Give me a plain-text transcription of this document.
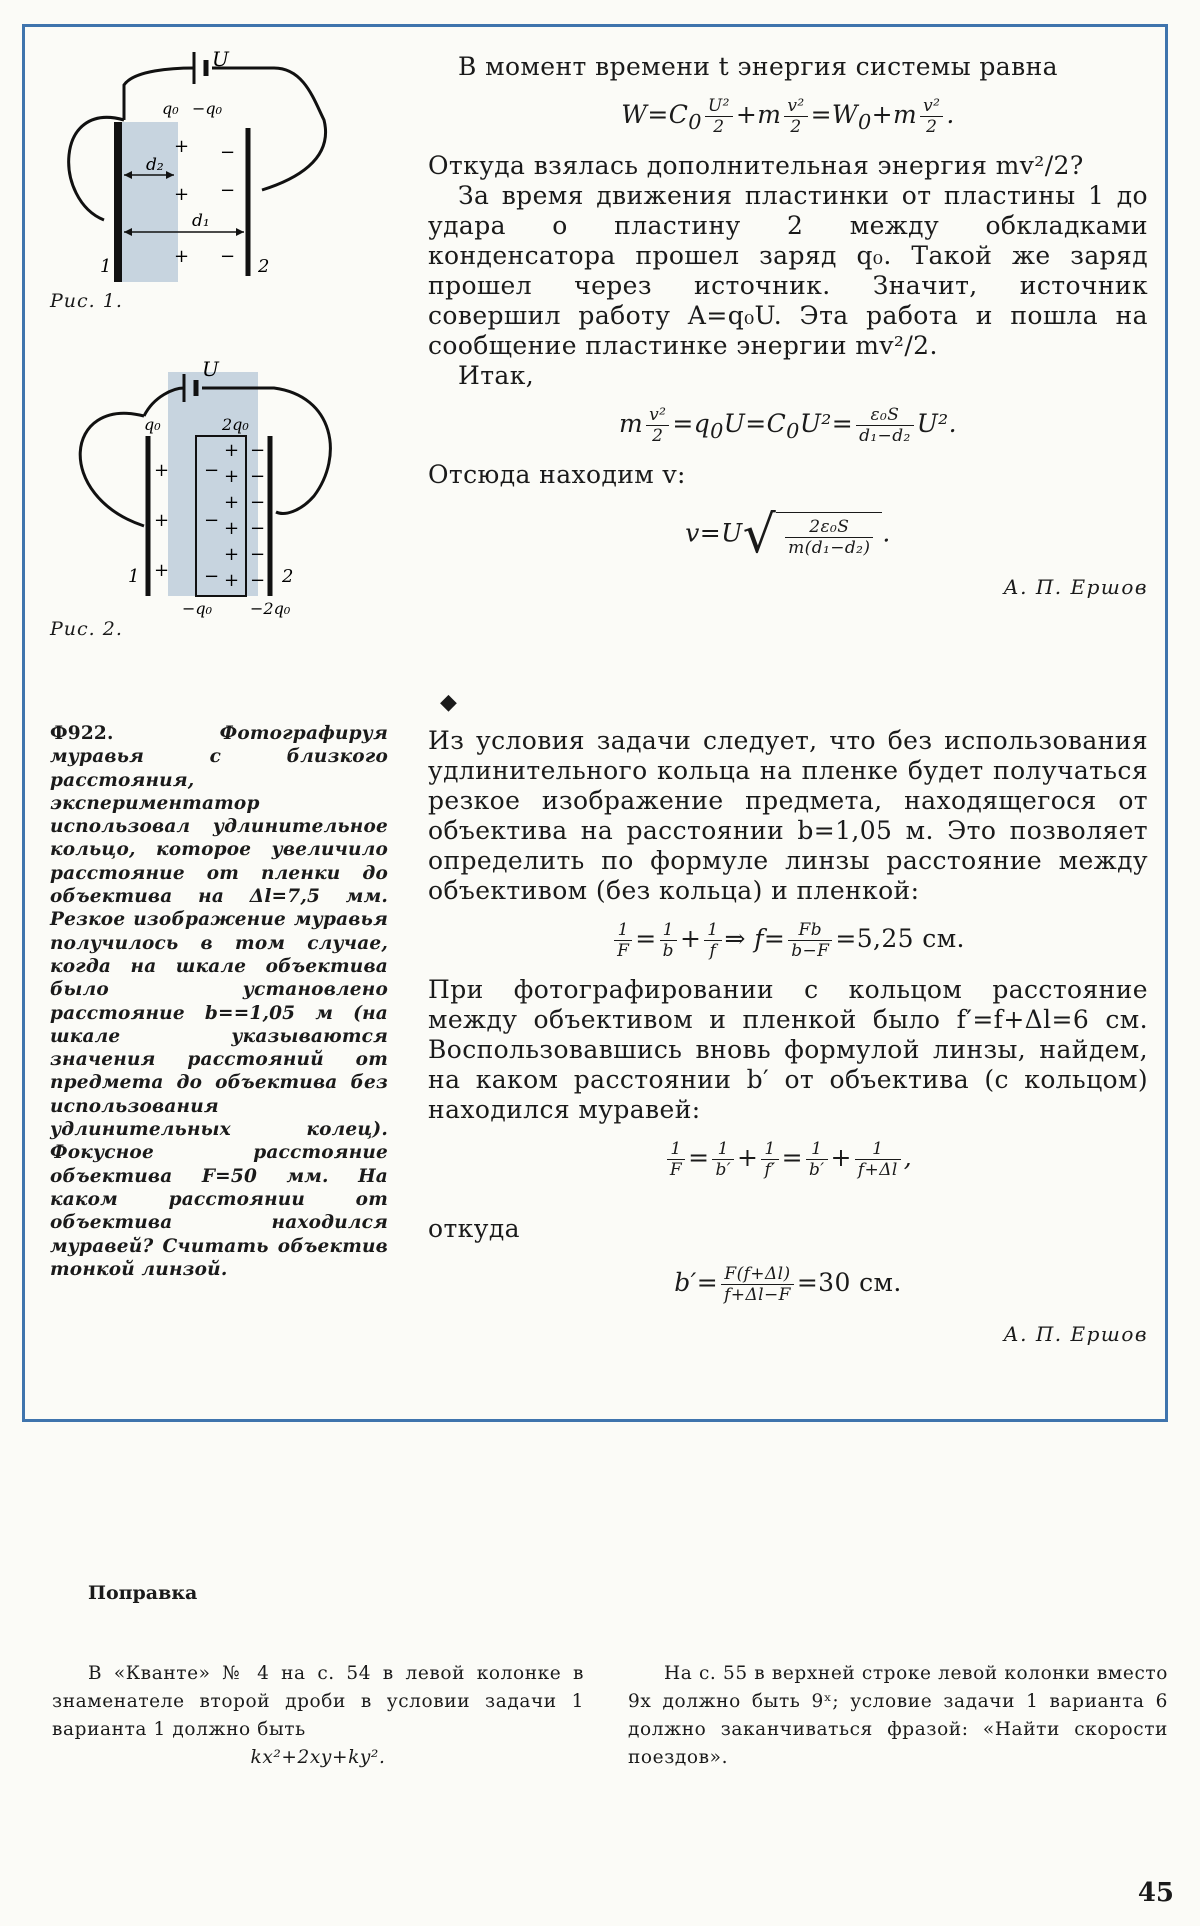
+
+
+
−
−
−
U
q₀ −q₀
d₂
d₁
1	2
Рис. 1.
+
+
+
−
−
−
+
+
+
+
+
+
−
−
−
−
−
−
U
q₀	2q₀
1	2
−q₀ −2q₀
Рис. 2.

В момент времени t энергия системы равна

$W=C_0 \frac{\text{U²}}{2} +m \frac{\text{v²}}{2} =W_0+m \frac{\text{v²}}{2}$ .

Откуда взялась дополнительная энергия mv²/2?

За время движения пластинки от пластины 1 до удара о пластину 2 между обкладками конденсатора прошел заряд q₀. Такой же заряд прошел через источник. Значит, источник совершил работу A=q₀U. Эта работа и пошла на сообщение пластинке энергии mv²/2.

Итак,

m $\frac{\text{v²}}{2} =q_0U=C_0U^2= \frac{\text{ε₀S}}{\text{d₁−d₂}} U^2$.

Отсюда находим v:

$v=U√ \frac{\text{2ε₀S}}{\text{m(d₁−d₂)}}$ .
А. П. Ершов
◆
Ф922.	Фотографируя муравья с близкого расстояния, экспериментатор использовал удлинительное кольцо, которое увеличило расстояние от пленки до объектива на Δl=7,5 мм. Резкое изображение муравья получилось в том случае, когда на шкале объектива было установлено расстояние b==1,05 м (на шкале указываются значения расстояний от предмета до объектива без использования удлинительных колец). Фокусное расстояние объектива F=50 мм. На каком расстоянии от объектива находился муравей? Считать объектив тонкой линзой.

Из условия задачи следует, что без использования удлинительного кольца на пленке будет получаться резкое изображение предмета, находящегося от объектива на расстоянии b=1,05 м. Это позволяет определить по формуле линзы расстояние между объективом (без кольца) и пленкой:

$\frac{1}{F} = \frac{1}{b} + \frac{1}{f}$ ⇒ $f= \frac{Fb}{b-F} =5,25$ см.

При фотографировании с кольцом расстояние между объективом и пленкой было f′=f+Δl=6 см. Воспользовавшись вновь формулой линзы, найдем, на каком расстоянии b′ от объектива (с кольцом) находился муравей:

$\frac{1}{F} = \frac{1}{b'} + \frac{1}{f'} = \frac{1}{b'} + \frac{1}{f+\Delta l}$ ,

откуда

$b'= \frac{F(f+\Delta l)}{f+\Delta l-F} =30$ см.
А. П. Ершов
Поправка

В «Кванте» № 4 на с. 54 в левой колонке в знаменателе второй дроби в условии задачи 1 варианта 1 должно быть

kx²+2xy+ky².

На с. 55 в верхней строке левой колонки вместо 9x должно быть 9ˣ; условие задачи 1 варианта 6 должно заканчиваться фразой: «Найти скорости поездов».

45
